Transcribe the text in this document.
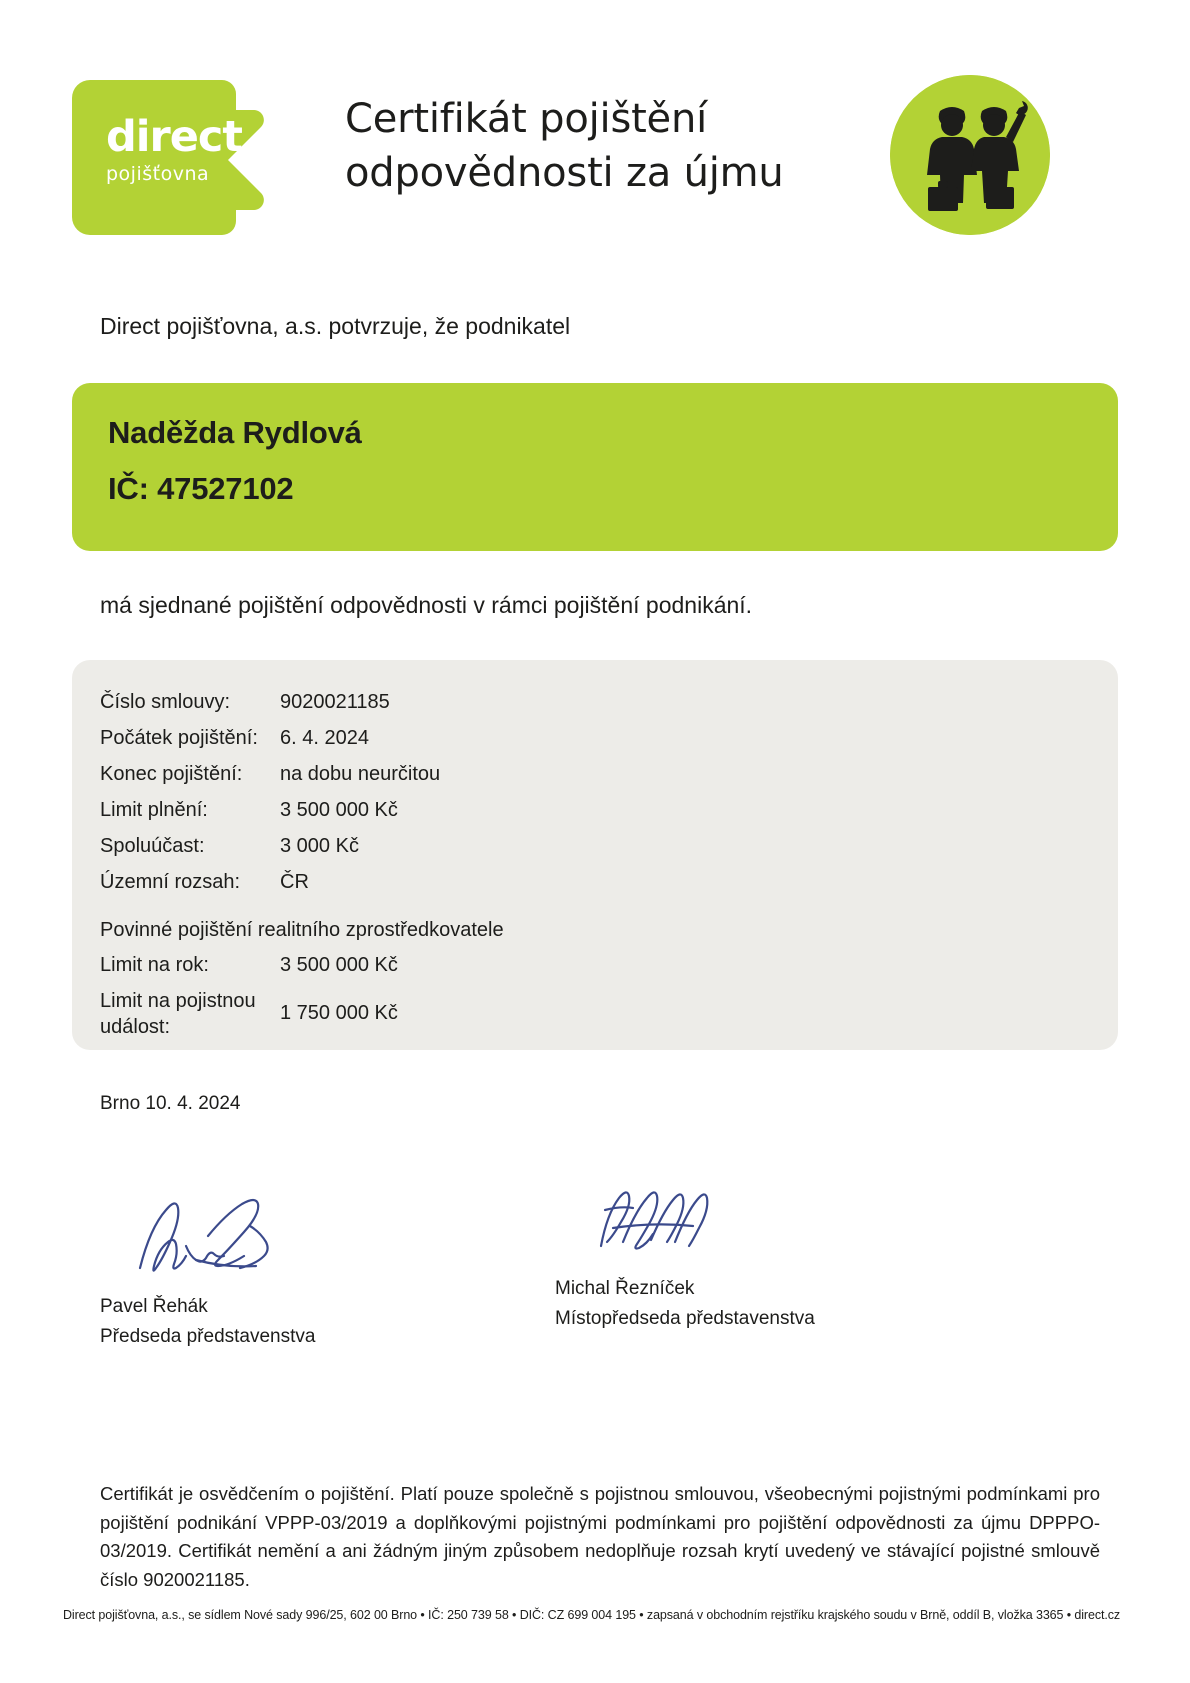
direct
pojišťovna
Certifikát pojištění odpovědnosti za újmu
Direct pojišťovna, a.s. potvrzuje, že podnikatel
Naděžda Rydlová
IČ: 47527102
má sjednané pojištění odpovědnosti v rámci pojištění podnikání.
Číslo smlouvy:	9020021185
Počátek pojištění:	6. 4. 2024
Konec pojištění:	na dobu neurčitou
Limit plnění:	3 500 000 Kč
Spoluúčast:	3 000 Kč
Územní rozsah:	ČR
Povinné pojištění realitního zprostředkovatele
Limit na rok:	3 500 000 Kč
Limit na pojistnou událost:
1 750 000 Kč
Brno 10. 4. 2024
Pavel Řehák
Předseda představenstva
Michal Řezníček
Místopředseda představenstva
Certifikát je osvědčením o pojištění. Platí pouze společně s pojistnou smlouvou, všeobecnými pojistnými podmínkami pro pojištění podnikání VPPP-03/2019 a doplňkovými pojistnými podmínkami pro pojištění odpovědnosti za újmu DPPPO-03/2019. Certifikát nemění a ani žádným jiným způsobem nedoplňuje rozsah krytí uvedený ve stávající pojistné smlouvě číslo 9020021185.
Direct pojišťovna, a.s., se sídlem Nové sady 996/25, 602 00 Brno • IČ: 250 739 58 • DIČ: CZ 699 004 195 • zapsaná v obchodním rejstříku krajského soudu v Brně, oddíl B, vložka 3365 • direct.cz
